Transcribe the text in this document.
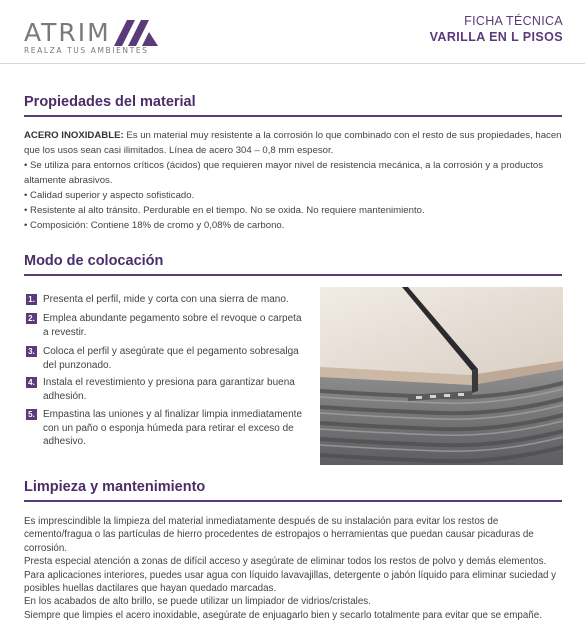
ATRIM
REALZA TUS AMBIENTES
FICHA TÉCNICA
VARILLA EN L PISOS
Propiedades del material

ACERO INOXIDABLE: Es un material muy resistente a la corrosión lo que combinado con el resto de sus propiedades, hacen que los usos sean casi ilimitados. Línea de acero 304 – 0,8 mm espesor.

• Se utiliza para entornos críticos (ácidos) que requieren mayor nivel de resistencia mecánica, a la corrosión y a productos altamente abrasivos.

• Calidad superior y aspecto sofisticado.

• Resistente al alto tránsito. Perdurable en el tiempo. No se oxida. No requiere mantenimiento.

• Composición: Contiene 18% de cromo y 0,08% de carbono.

Modo de colocación
1. Presenta el perfil, mide y corta con una sierra de mano.
2. Emplea abundante pegamento sobre el revoque o carpeta a revestir.
3. Coloca el perfil y asegúrate que el pegamento sobresalga del punzonado.
4. Instala el revestimiento y presiona para garantizar buena adhesión.
5. Empastina las uniones y al finalizar limpia inmediatamente con un paño o esponja húmeda para retirar el exceso de adhesivo.
Limpieza y mantenimiento

Es imprescindible la limpieza del material inmediatamente después de su instalación para evitar los restos de cemento/fragua o las partículas de hierro procedentes de estropajos o herramientas que puedan causar picaduras de corrosión.

Presta especial atención a zonas de difícil acceso y asegúrate de eliminar todos los restos de polvo y demás elementos.

Para aplicaciones interiores, puedes usar agua con líquido lavavajillas, detergente o jabón líquido para eliminar suciedad y posibles huellas dactilares que hayan quedado marcadas.

En los acabados de alto brillo, se puede utilizar un limpiador de vidrios/cristales.

Siempre que limpies el acero inoxidable, asegúrate de enjuagarlo bien y secarlo totalmente para evitar que se empañe.
